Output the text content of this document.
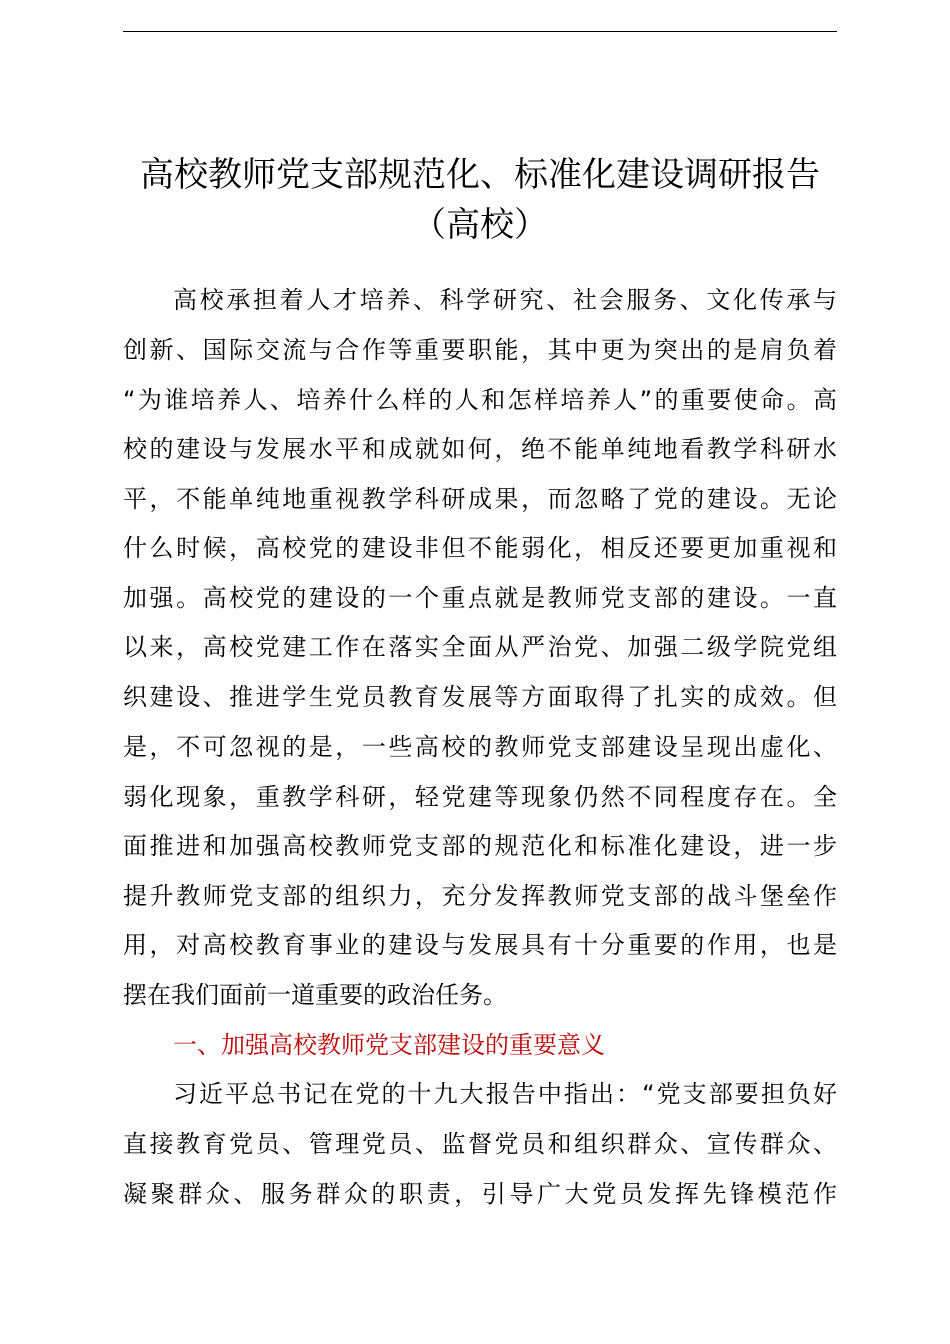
高校教师党支部规范化、标准化建设调研报告
（高校）
高校承担着人才培养、科学研究、社会服务、文化传承与
创新、国际交流与合作等重要职能，其中更为突出的是肩负着
“为谁培养人、培养什么样的人和怎样培养人”的重要使命。高
校的建设与发展水平和成就如何，绝不能单纯地看教学科研水
平，不能单纯地重视教学科研成果，而忽略了党的建设。无论
什么时候，高校党的建设非但不能弱化，相反还要更加重视和
加强。高校党的建设的一个重点就是教师党支部的建设。一直
以来，高校党建工作在落实全面从严治党、加强二级学院党组
织建设、推进学生党员教育发展等方面取得了扎实的成效。但
是，不可忽视的是，一些高校的教师党支部建设呈现出虚化、
弱化现象，重教学科研，轻党建等现象仍然不同程度存在。全
面推进和加强高校教师党支部的规范化和标准化建设，进一步
提升教师党支部的组织力，充分发挥教师党支部的战斗堡垒作
用，对高校教育事业的建设与发展具有十分重要的作用，也是
摆在我们面前一道重要的政治任务。
一、加强高校教师党支部建设的重要意义
习近平总书记在党的十九大报告中指出：“党支部要担负好
直接教育党员、管理党员、监督党员和组织群众、宣传群众、
凝聚群众、服务群众的职责，引导广大党员发挥先锋模范作
